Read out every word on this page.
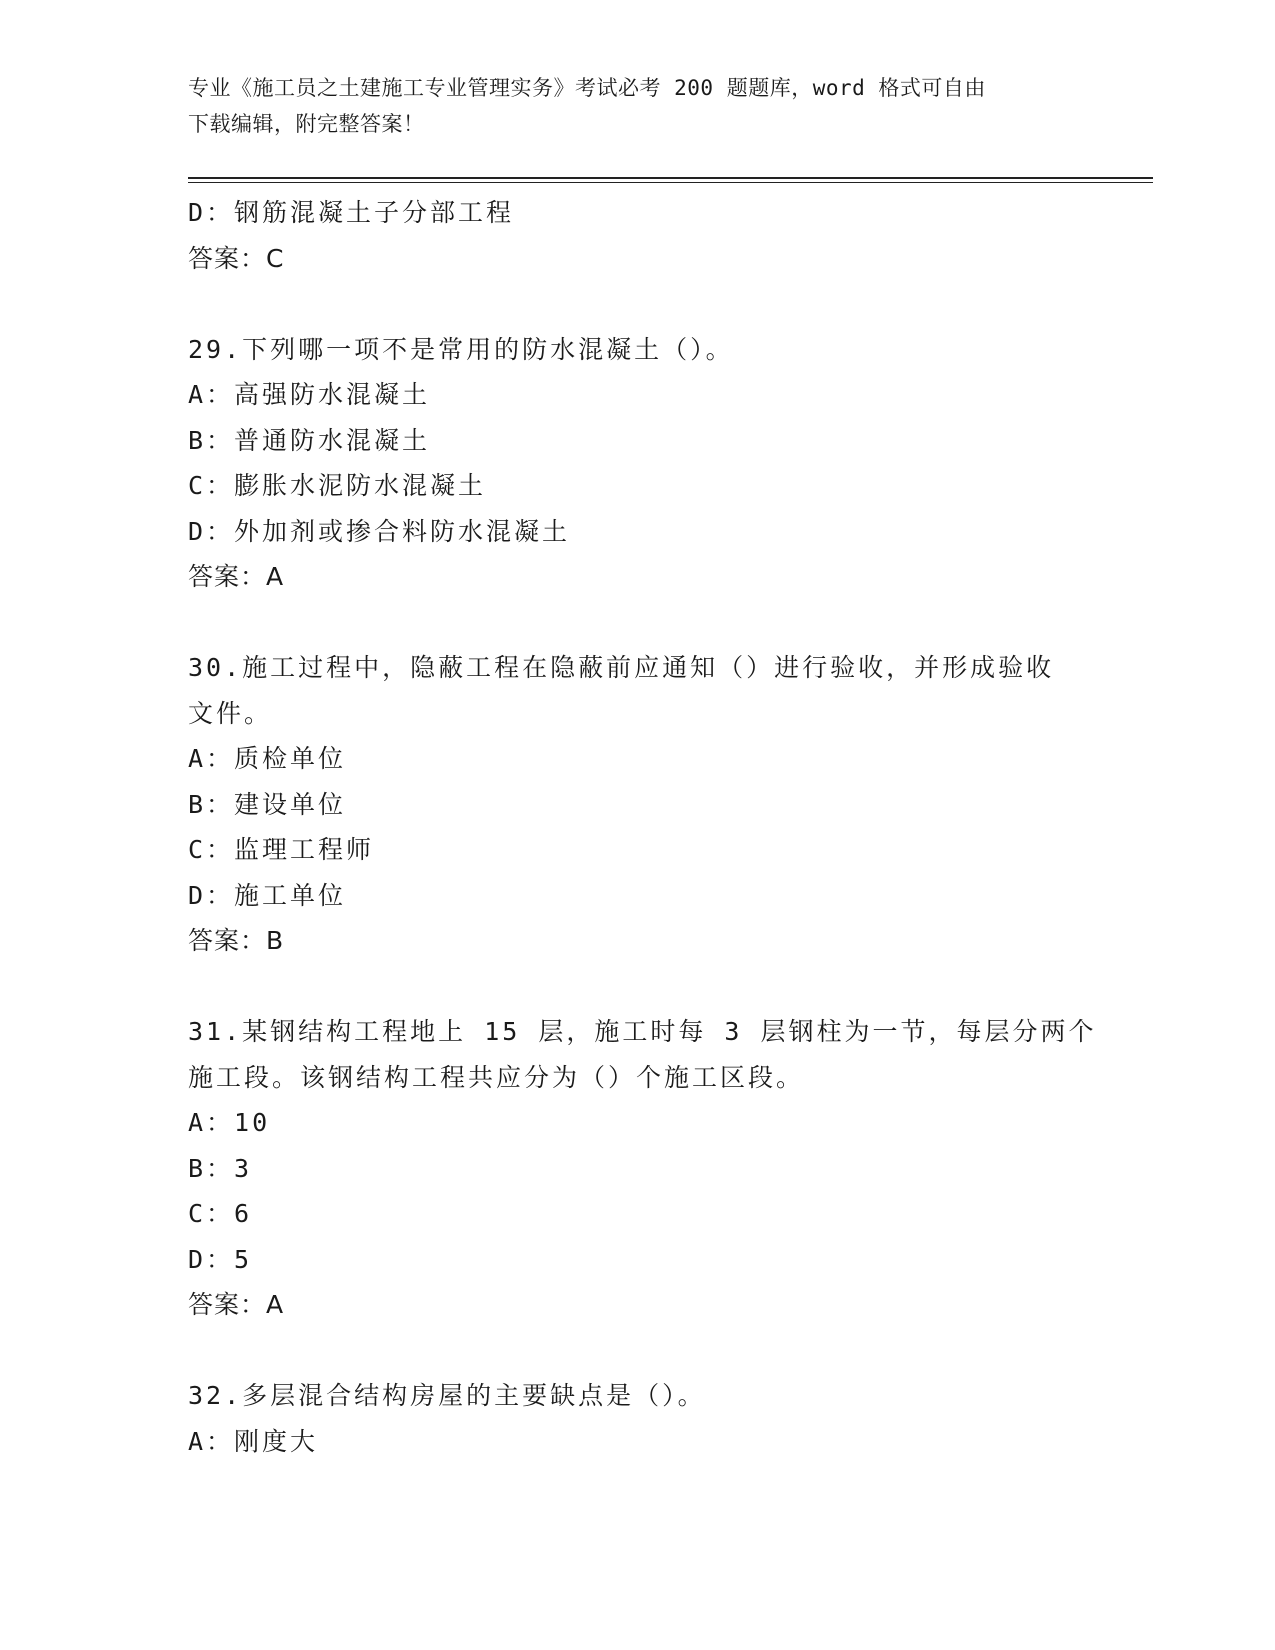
专业《施工员之土建施工专业管理实务》考试必考 200 题题库，word 格式可自由
下载编辑，附完整答案！
D：钢筋混凝土子分部工程
答案：C
29.下列哪一项不是常用的防水混凝土（）。
A：高强防水混凝土
B：普通防水混凝土
C：膨胀水泥防水混凝土
D：外加剂或掺合料防水混凝土
答案：A
30.施工过程中，隐蔽工程在隐蔽前应通知（）进行验收，并形成验收
文件。
A：质检单位
B：建设单位
C：监理工程师
D：施工单位
答案：B
31.某钢结构工程地上 15 层，施工时每 3 层钢柱为一节，每层分两个
施工段。该钢结构工程共应分为（）个施工区段。
A：10
B：3
C：6
D：5
答案：A
32.多层混合结构房屋的主要缺点是（）。
A：刚度大
